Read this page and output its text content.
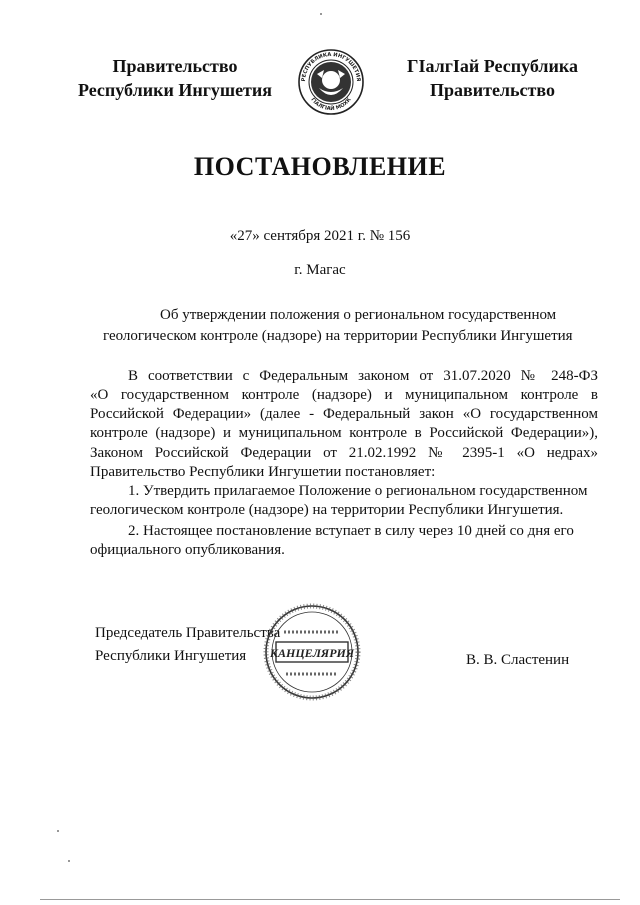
Правительство
Республики Ингушетия
РЕСПУБЛИКА ИНГУШЕТИЯ
ГIАЛГIАЙ МОХК
ГIалгIай Республика
Правительство
ПОСТАНОВЛЕНИЕ
«27» сентября 2021 г. № 156
г. Магас
Об утверждении положения о региональном государственном
геологическом контроле (надзоре) на территории Республики Ингушетия
В соответствии с Федеральным законом от 31.07.2020 № 248-ФЗ
«О государственном контроле (надзоре) и муниципальном контроле в
Российской Федерации» (далее - Федеральный закон «О государственном
контроле (надзоре) и муниципальном контроле в Российской Федерации»),
Законом Российской Федерации от 21.02.1992 № 2395-1 «О недрах»
Правительство Республики Ингушетии постановляет:
1. Утвердить прилагаемое Положение о региональном государственном
геологическом контроле (надзоре) на территории Республики Ингушетия.
2. Настоящее постановление вступает в силу через 10 дней со дня его
официального опубликования.
Председатель Правительства
Республики Ингушетия КАНЦЕЛЯРИЯ	В. В. Сластенин
